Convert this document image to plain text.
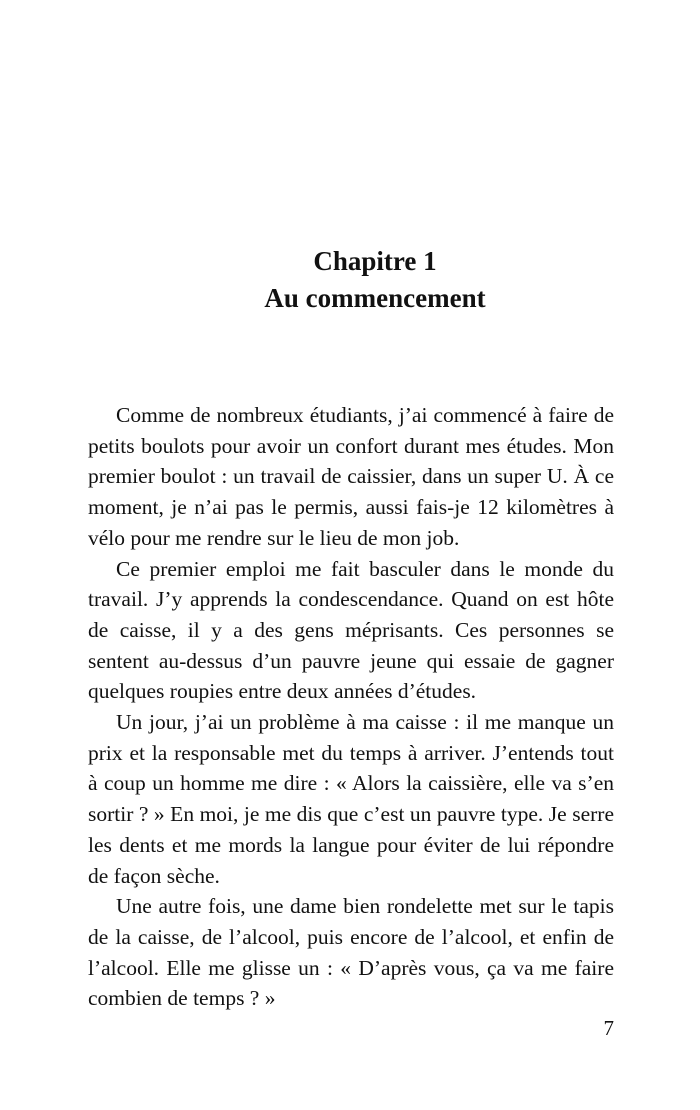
Chapitre 1
Au commencement

Comme de nombreux étudiants, j’ai commencé à faire de petits boulots pour avoir un confort durant mes études. Mon premier boulot : un travail de caissier, dans un super U. À ce moment, je n’ai pas le permis, aussi fais-je 12 kilomètres à vélo pour me rendre sur le lieu de mon job.

Ce premier emploi me fait basculer dans le monde du travail. J’y apprends la condescendance. Quand on est hôte de caisse, il y a des gens méprisants. Ces personnes se sentent au-dessus d’un pauvre jeune qui essaie de gagner quelques roupies entre deux années d’études.

Un jour, j’ai un problème à ma caisse : il me manque un prix et la responsable met du temps à arriver. J’entends tout à coup un homme me dire : « Alors la caissière, elle va s’en sortir ? » En moi, je me dis que c’est un pauvre type. Je serre les dents et me mords la langue pour éviter de lui répondre de façon sèche.

Une autre fois, une dame bien rondelette met sur le tapis de la caisse, de l’alcool, puis encore de l’alcool, et enfin de l’alcool. Elle me glisse un : « D’après vous, ça va me faire combien de temps ? »

7
